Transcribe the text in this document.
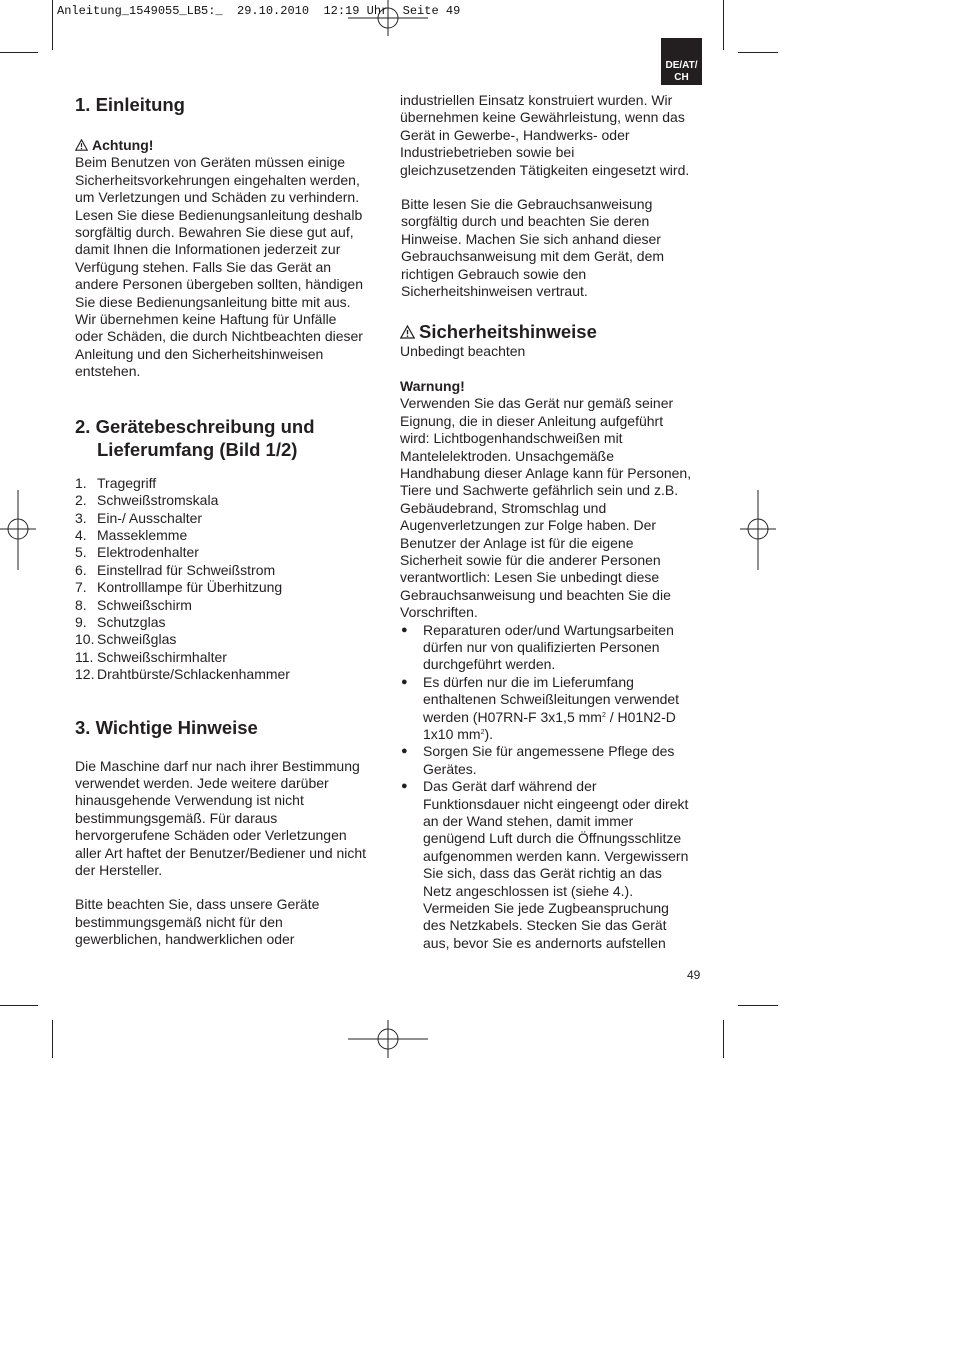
Anleitung_1549055_LB5:_  29.10.2010  12:19 Uhr  Seite 49
DE/AT/
CH
1. Einleitung

Achtung!

Beim Benutzen von Geräten müssen einige
Sicherheitsvorkehrungen eingehalten werden,
um Verletzungen und Schäden zu verhindern.
Lesen Sie diese Bedienungsanleitung deshalb
sorgfältig durch. Bewahren Sie diese gut auf,
damit Ihnen die Informationen jederzeit zur
Verfügung stehen. Falls Sie das Gerät an
andere Personen übergeben sollten, händigen
Sie diese Bedienungsanleitung bitte mit aus.
Wir übernehmen keine Haftung für Unfälle
oder Schäden, die durch Nichtbeachten dieser
Anleitung und den Sicherheitshinweisen
entstehen.
2. Gerätebeschreibung und
Lieferumfang (Bild 1/2)
1. Tragegriff
2. Schweißstromskala
3. Ein-/ Ausschalter
4. Masseklemme
5. Elektrodenhalter
6. Einstellrad für Schweißstrom
7. Kontrolllampe für Überhitzung
8. Schweißschirm
9. Schutzglas
10. Schweißglas
11. Schweißschirmhalter
12. Drahtbürste/Schlackenhammer
3. Wichtige Hinweise
Die Maschine darf nur nach ihrer Bestimmung
verwendet werden. Jede weitere darüber
hinausgehende Verwendung ist nicht
bestimmungsgemäß. Für daraus
hervorgerufene Schäden oder Verletzungen
aller Art haftet der Benutzer/Bediener und nicht
der Hersteller.
Bitte beachten Sie, dass unsere Geräte
bestimmungsgemäß nicht für den
gewerblichen, handwerklichen oder
industriellen Einsatz konstruiert wurden. Wir
übernehmen keine Gewährleistung, wenn das
Gerät in Gewerbe-, Handwerks- oder
Industriebetrieben sowie bei
gleichzusetzenden Tätigkeiten eingesetzt wird.
Bitte lesen Sie die Gebrauchsanweisung
sorgfältig durch und beachten Sie deren
Hinweise. Machen Sie sich anhand dieser
Gebrauchsanweisung mit dem Gerät, dem
richtigen Gebrauch sowie den
Sicherheitshinweisen vertraut.
Sicherheitshinweise
Unbedingt beachten
Warnung!
Verwenden Sie das Gerät nur gemäß seiner
Eignung, die in dieser Anleitung aufgeführt
wird: Lichtbogenhandschweißen mit
Mantelelektroden. Unsachgemäße
Handhabung dieser Anlage kann für Personen,
Tiere und Sachwerte gefährlich sein und z.B.
Gebäudebrand, Stromschlag und
Augenverletzungen zur Folge haben. Der
Benutzer der Anlage ist für die eigene
Sicherheit sowie für die anderer Personen
verantwortlich: Lesen Sie unbedingt diese
Gebrauchsanweisung und beachten Sie die
Vorschriften.
●	Reparaturen oder/und Wartungsarbeiten
dürfen nur von qualifizierten Personen
durchgeführt werden.
●	Es dürfen nur die im Lieferumfang
enthaltenen Schweißleitungen verwendet
werden (H07RN-F 3x1,5 $mm^2 / H01N2-D$
1x10 $mm^2$).
●	Sorgen Sie für angemessene Pflege des
Gerätes.
●	Das Gerät darf während der
Funktionsdauer nicht eingeengt oder direkt
an der Wand stehen, damit immer
genügend Luft durch die Öffnungsschlitze
aufgenommen werden kann. Vergewissern
Sie sich, dass das Gerät richtig an das
Netz angeschlossen ist (siehe 4.).
Vermeiden Sie jede Zugbeanspruchung
des Netzkabels. Stecken Sie das Gerät
aus, bevor Sie es andernorts aufstellen
49
